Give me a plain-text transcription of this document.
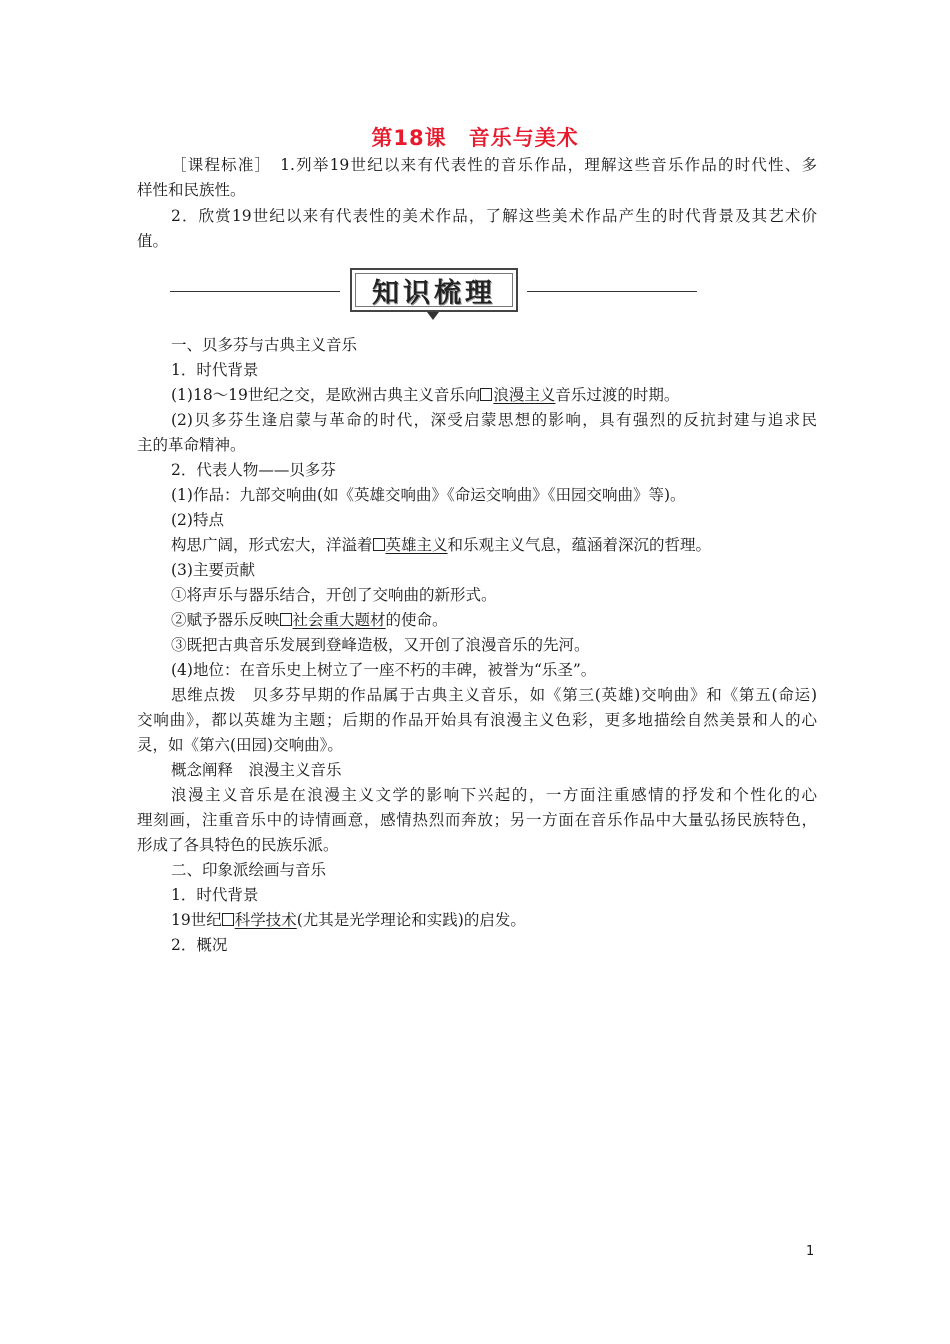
第18课　音乐与美术
［课程标准］　1.列举19世纪以来有代表性的音乐作品，理解这些音乐作品的时代性、多
样性和民族性。
2．欣赏19世纪以来有代表性的美术作品，了解这些美术作品产生的时代背景及其艺术价
值。
知识梳理
一、贝多芬与古典主义音乐
1．时代背景
(1)18～19世纪之交，是欧洲古典主义音乐向 浪漫主义音乐过渡的时期。
(2)贝多芬生逢启蒙与革命的时代，深受启蒙思想的影响，具有强烈的反抗封建与追求民
主的革命精神。
2．代表人物——贝多芬
(1)作品：九部交响曲(如《英雄交响曲》《命运交响曲》《田园交响曲》等)。
(2)特点
构思广阔，形式宏大，洋溢着 英雄主义和乐观主义气息，蕴涵着深沉的哲理。
(3)主要贡献
①将声乐与器乐结合，开创了交响曲的新形式。
②赋予器乐反映 社会重大题材的使命。
③既把古典音乐发展到登峰造极，又开创了浪漫音乐的先河。
(4)地位：在音乐史上树立了一座不朽的丰碑，被誉为“乐圣”。
思维点拨　贝多芬早期的作品属于古典主义音乐，如《第三(英雄)交响曲》和《第五(命运)
交响曲》，都以英雄为主题；后期的作品开始具有浪漫主义色彩，更多地描绘自然美景和人的心
灵，如《第六(田园)交响曲》。
概念阐释　浪漫主义音乐
浪漫主义音乐是在浪漫主义文学的影响下兴起的，一方面注重感情的抒发和个性化的心
理刻画，注重音乐中的诗情画意，感情热烈而奔放；另一方面在音乐作品中大量弘扬民族特色，
形成了各具特色的民族乐派。
二、印象派绘画与音乐
1．时代背景
19世纪 科学技术(尤其是光学理论和实践)的启发。
2．概况
1
